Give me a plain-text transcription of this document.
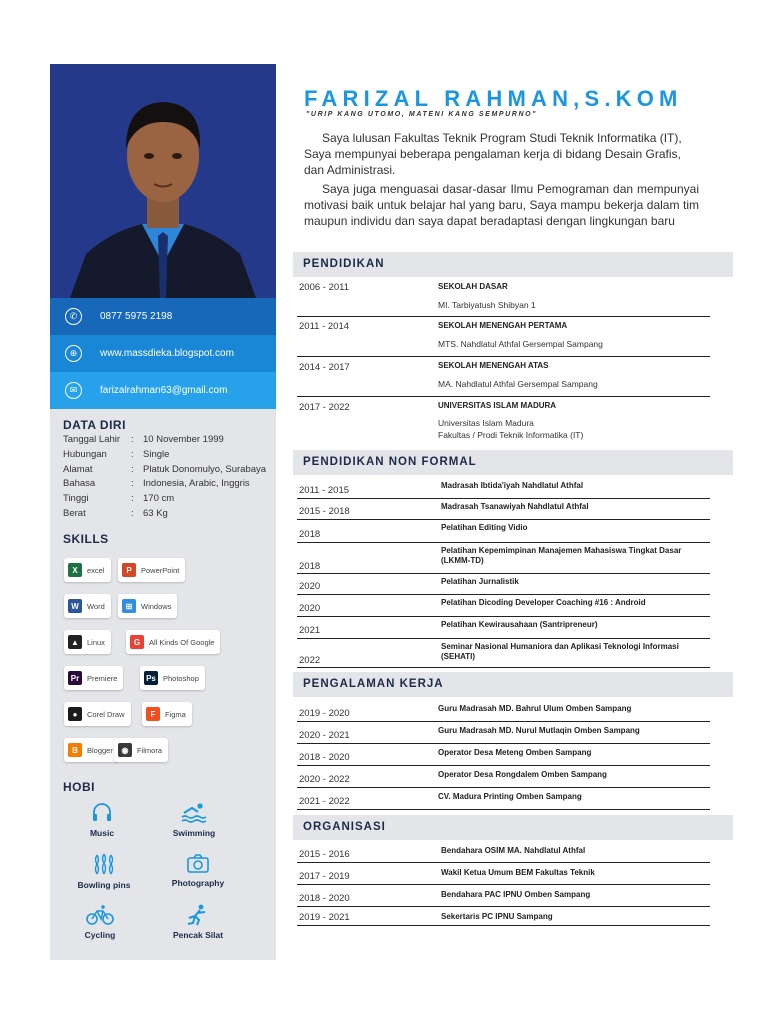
✆	0877 5975 2198
⊕	www.massdieka.blogspot.com
✉	farizalrahman63@gmail.com
DATA DIRI
Tanggal Lahir	: 10 November 1999
Hubungan	: Single
Alamat	: Platuk Donomulyo, Surabaya
Bahasa	: Indonesia, Arabic, Inggris
Tinggi	: 170 cm
Berat	: 63 Kg
SKILLS
X	excel	P	PowerPoint
W	Word	⊞	Windows
▲	Linux	G	All Kinds Of Google
Pr	Premiere	Ps Photoshop
●	Corel Draw	F	Figma
B	Blogger	◉	Filmora
HOBI
Music	Swimming
Bowling pins	Photography
Cycling	Pencak Silat
FARIZAL RAHMAN,S.KOM
"URIP KANG UTOMO, MATENI KANG SEMPURNO"
Saya lulusan Fakultas Teknik Program Studi Teknik Informatika (IT), Saya mempunyai beberapa pengalaman kerja di bidang Desain Grafis, dan Administrasi.
Saya juga menguasai dasar-dasar Ilmu Pemograman dan mempunyai motivasi baik untuk belajar hal yang baru, Saya mampu bekerja dalam tim maupun individu dan saya dapat beradaptasi dengan lingkungan baru
PENDIDIKAN
2006 - 2011	SEKOLAH DASAR
MI. Tarbiyatush Shibyan 1
2011 - 2014	SEKOLAH MENENGAH PERTAMA
MTS. Nahdlatul Athfal Gersempal Sampang
2014 - 2017	SEKOLAH MENENGAH ATAS
MA. Nahdlatul Athfal Gersempal Sampang
2017 - 2022	UNIVERSITAS ISLAM MADURA
Universitas Islam Madura
Fakultas / Prodi Teknik Informatika (IT)
PENDIDIKAN NON FORMAL
2011 - 2015	Madrasah Ibtida'iyah Nahdlatul Athfal
2015 - 2018	Madrasah Tsanawiyah Nahdlatul Athfal
2018
Pelatihan Editing Vidio
2018
Pelatihan Kepemimpinan Manajemen Mahasiswa Tingkat Dasar (LKMM-TD)
2020	Pelatihan Jurnalistik
2020
Pelatihan Dicoding Developer Coaching #16 : Android
2021
Pelatihan Kewirausahaan (Santripreneur)
2022
Seminar Nasional Humaniora dan Aplikasi Teknologi Informasi (SEHATI)
PENGALAMAN KERJA
2019 - 2020	Guru Madrasah MD. Bahrul Ulum Omben Sampang
2020 - 2021	Guru Madrasah MD. Nurul Mutlaqin Omben Sampang
2018 - 2020	Operator Desa Meteng Omben Sampang
2020 - 2022	Operator Desa Rongdalem Omben Sampang
2021 - 2022	CV. Madura Printing Omben Sampang
ORGANISASI
2015 - 2016	Bendahara OSIM MA. Nahdlatul Athfal
2017 - 2019	Wakil Ketua Umum BEM Fakultas Teknik
2018 - 2020	Bendahara PAC IPNU Omben Sampang
2019 - 2021	Sekertaris PC IPNU Sampang
